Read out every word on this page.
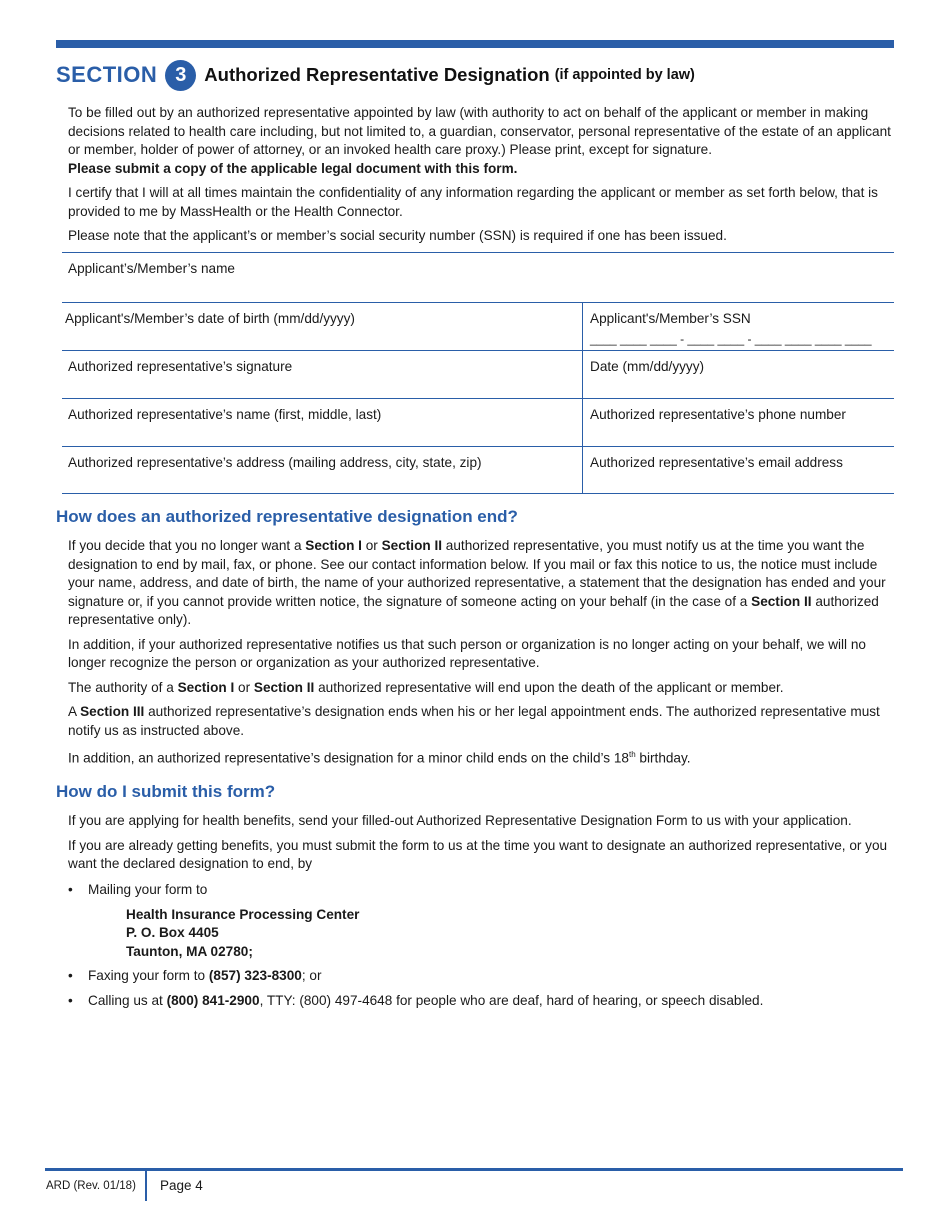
SECTION 3 Authorized Representative Designation (if appointed by law)

To be filled out by an authorized representative appointed by law (with authority to act on behalf of the applicant or member in making decisions related to health care including, but not limited to, a guardian, conservator, personal representative of the estate of an applicant or member, holder of power of attorney, or an invoked health care proxy.) Please print, except for signature.
Please submit a copy of the applicable legal document with this form.

I certify that I will at all times maintain the confidentiality of any information regarding the applicant or member as set forth below, that is provided to me by MassHealth or the Health Connector.

Please note that the applicant’s or member’s social security number (SSN) is required if one has been issued.

Applicant’s/Member’s name
Applicant's/Member’s date of birth (mm/dd/yyyy)	Applicant's/Member’s SSN
____ ____ ____ - ____ ____ - ____ ____ ____ ____
Authorized representative’s signature	Date (mm/dd/yyyy)
Authorized representative’s name (first, middle, last)	Authorized representative’s phone number
Authorized representative’s address (mailing address, city, state, zip)	Authorized representative’s email address
How does an authorized representative designation end?

If you decide that you no longer want a Section I or Section II authorized representative, you must notify us at the time you want the designation to end by mail, fax, or phone. See our contact information below. If you mail or fax this notice to us, the notice must include your name, address, and date of birth, the name of your authorized representative, a statement that the designation has ended and your signature or, if you cannot provide written notice, the signature of someone acting on your behalf (in the case of a Section II authorized representative only).

In addition, if your authorized representative notifies us that such person or organization is no longer acting on your behalf, we will no longer recognize the person or organization as your authorized representative.

The authority of a Section I or Section II authorized representative will end upon the death of the applicant or member.

A Section III authorized representative’s designation ends when his or her legal appointment ends. The authorized representative must notify us as instructed above.

In addition, an authorized representative’s designation for a minor child ends on the child’s 18th birthday.

How do I submit this form?

If you are applying for health benefits, send your filled-out Authorized Representative Designation Form to us with your application.

If you are already getting benefits, you must submit the form to us at the time you want to designate an authorized representative, or you want the declared designation to end, by

•	Mailing your form to
Health Insurance Processing Center
P. O. Box 4405
Taunton, MA 02780;
•	Faxing your form to (857) 323-8300; or
•	Calling us at (800) 841-2900, TTY: (800) 497-4648 for people who are deaf, hard of hearing, or speech disabled.
ARD (Rev. 01/18) Page 4
